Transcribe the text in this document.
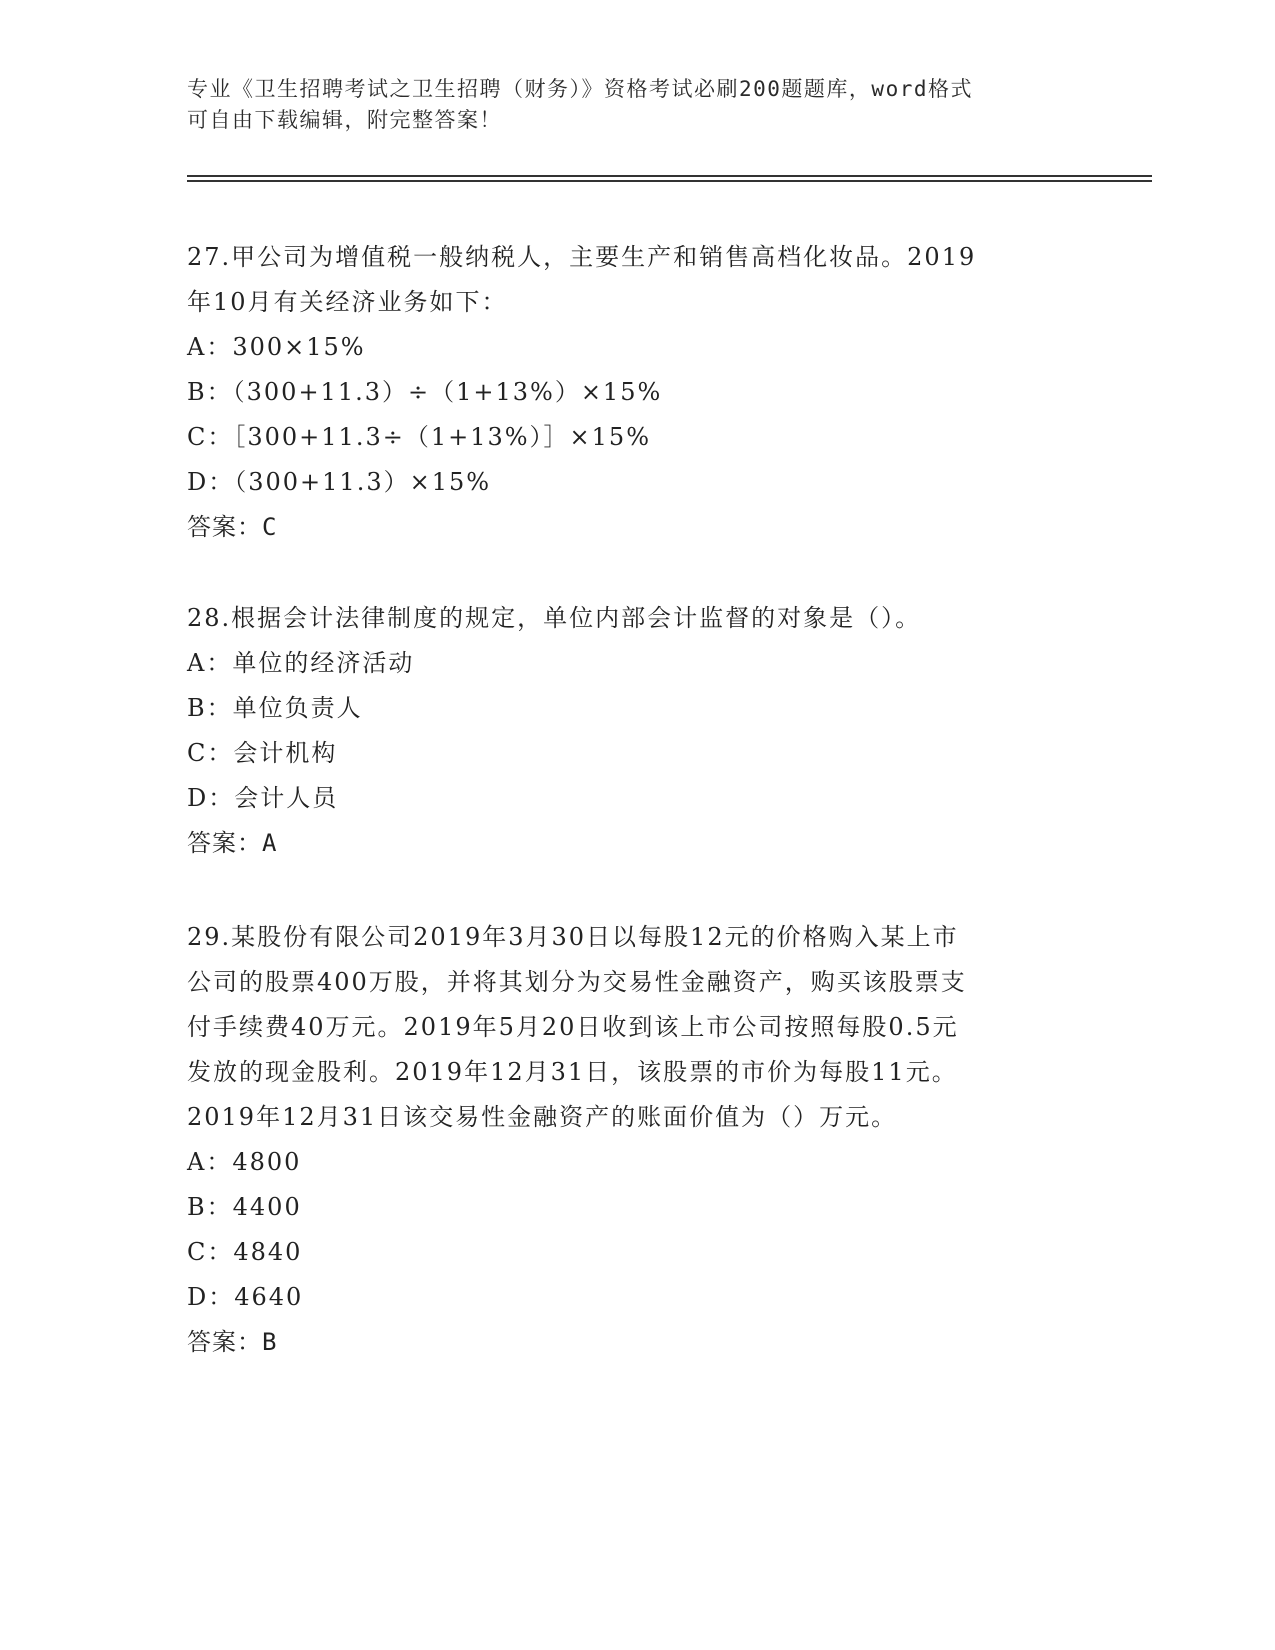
专业《卫生招聘考试之卫生招聘（财务）》资格考试必刷200题题库，word格式
可自由下载编辑，附完整答案！
27.甲公司为增值税一般纳税人，主要生产和销售高档化妆品。2019
年10月有关经济业务如下：
A：300×15%
B：（300+11.3）÷（1+13%）×15%
C：［300+11.3÷（1+13%）］×15%
D：（300+11.3）×15%
答案：C
28.根据会计法律制度的规定，单位内部会计监督的对象是（）。
A：单位的经济活动
B：单位负责人
C：会计机构
D：会计人员
答案：A
29.某股份有限公司2019年3月30日以每股12元的价格购入某上市
公司的股票400万股，并将其划分为交易性金融资产，购买该股票支
付手续费40万元。2019年5月20日收到该上市公司按照每股0.5元
发放的现金股利。2019年12月31日，该股票的市价为每股11元。
2019年12月31日该交易性金融资产的账面价值为（）万元。
A：4800
B：4400
C：4840
D：4640
答案：B
